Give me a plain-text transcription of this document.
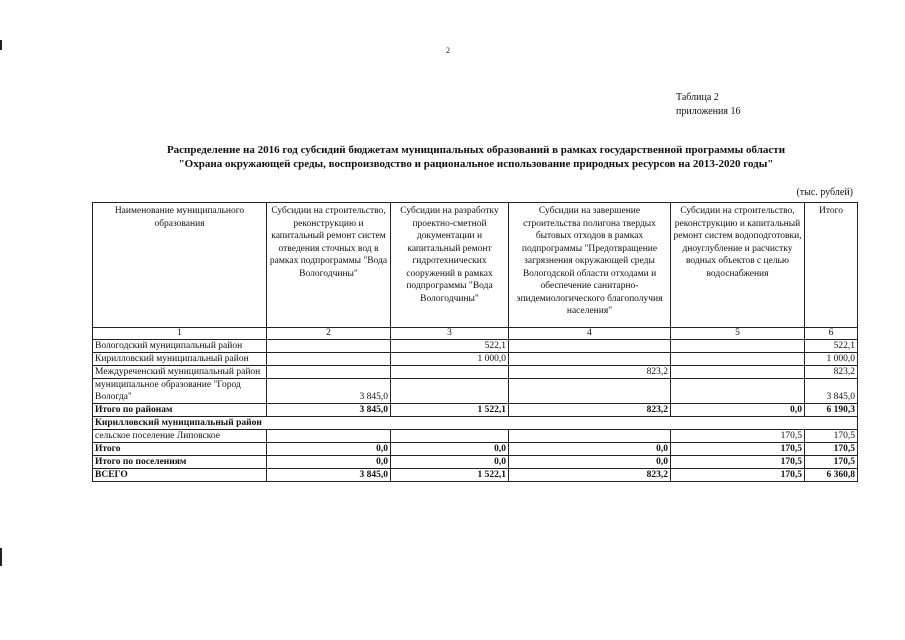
2
Таблица 2
приложения 16
Распределение на 2016 год субсидий бюджетам муниципальных образований в рамках государственной программы области
"Охрана окружающей среды, воспроизводство и рациональное использование природных ресурсов на 2013-2020 годы"
(тыс. рублей)
Наименование муниципального образования	Субсидии на строительство, реконструкцию и капитальный ремонт систем отведения сточных вод в рамках подпрограммы "Вода Вологодчины"	Субсидии на разработку проектно-сметной документации и капитальный ремонт гидротехнических сооружений в рамках подпрограммы "Вода Вологодчины"	Субсидии на завершение строительства полигона твердых бытовых отходов в рамках подпрограммы "Предотвращение загрязнения окружающей среды Вологодской области отходами и обеспечение санитарно-эпидемиологического благополучия населения"	Субсидии на строительство, реконструкцию и капитальный ремонт систем водоподготовки, дноуглубление и расчистку водных объектов с целью водоснабжения	Итого
1	2	3	4	5	6
Вологодский муниципальный район		522,1			522,1
Кирилловский муниципальный район		1 000,0			1 000,0
Междуреченский муниципальный район			823,2		823,2
муниципальное образование "Город Вологда"	3 845,0				3 845,0
Итого по районам	3 845,0	1 522,1	823,2	0,0	6 190,3
Кирилловский муниципальный район					
сельское поселение Липовское				170,5	170,5
Итого	0,0	0,0	0,0	170,5	170,5
Итого по поселениям	0,0	0,0	0,0	170,5	170,5
ВСЕГО	3 845,0	1 522,1	823,2	170,5	6 360,8
